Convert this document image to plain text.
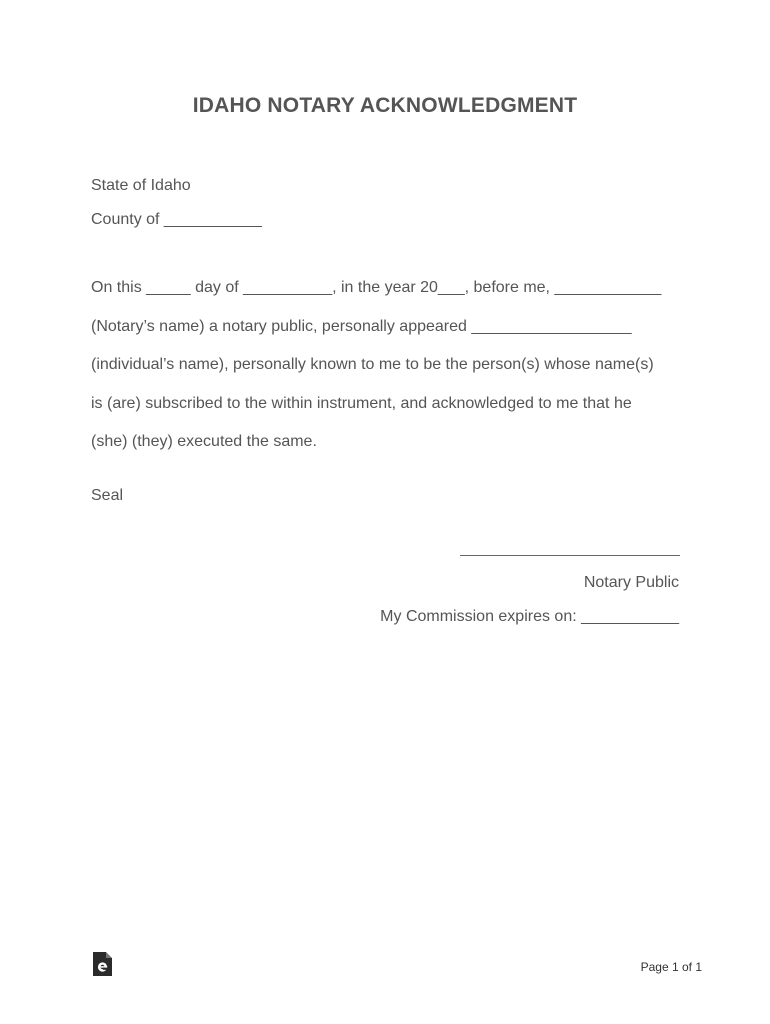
IDAHO NOTARY ACKNOWLEDGMENT
State of Idaho
County of ___________
On this _____ day of __________, in the year 20___, before me, ____________
(Notary’s name) a notary public, personally appeared __________________
(individual’s name), personally known to me to be the person(s) whose name(s)
is (are) subscribed to the within instrument, and acknowledged to me that he
(she) (they) executed the same.
Seal
Notary Public
My Commission expires on: ___________
Page 1 of 1
